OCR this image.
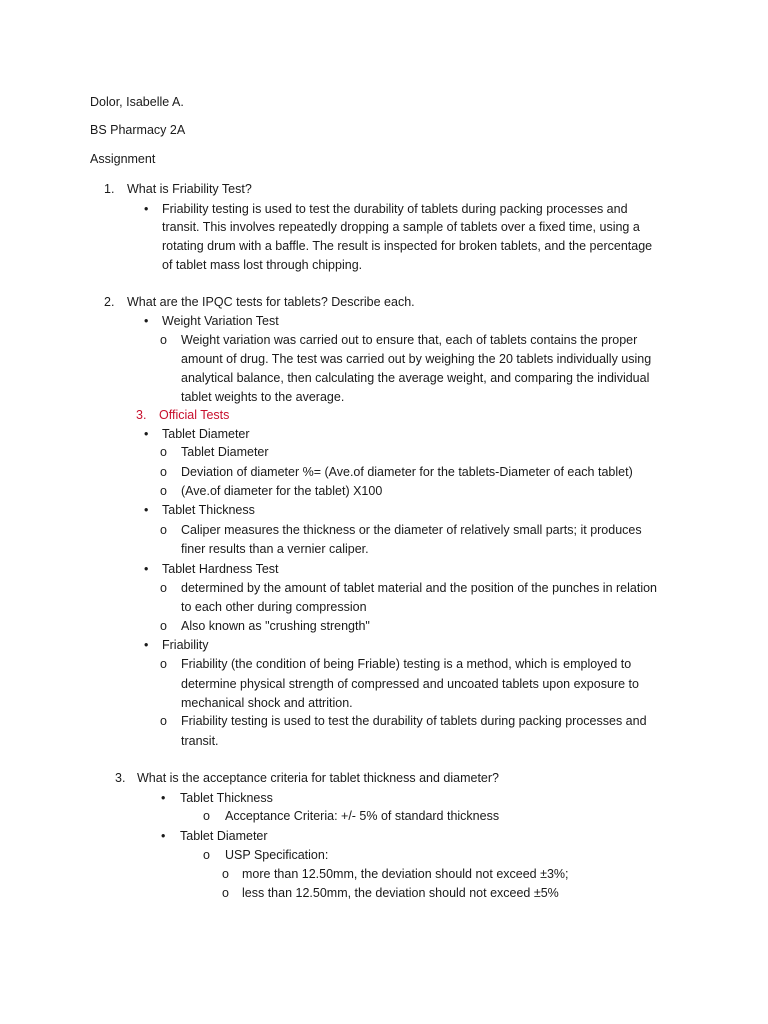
Dolor, Isabelle A.
BS Pharmacy 2A
Assignment
1. What is Friability Test?
• Friability testing is used to test the durability of tablets during packing processes and
transit. This involves repeatedly dropping a sample of tablets over a fixed time, using a
rotating drum with a baffle. The result is inspected for broken tablets, and the percentage
of tablet mass lost through chipping.
2. What are the IPQC tests for tablets? Describe each.
• Weight Variation Test
o Weight variation was carried out to ensure that, each of tablets contains the proper
amount of drug. The test was carried out by weighing the 20 tablets individually using
analytical balance, then calculating the average weight, and comparing the individual
tablet weights to the average.
3. Official Tests
• Tablet Diameter
o Tablet Diameter
o Deviation of diameter %= (Ave.of diameter for the tablets-Diameter of each tablet)
o (Ave.of diameter for the tablet) X100
• Tablet Thickness
o Caliper measures the thickness or the diameter of relatively small parts; it produces
finer results than a vernier caliper.
• Tablet Hardness Test
o determined by the amount of tablet material and the position of the punches in relation
to each other during compression
o Also known as "crushing strength"
• Friability
o Friability (the condition of being Friable) testing is a method, which is employed to
determine physical strength of compressed and uncoated tablets upon exposure to
mechanical shock and attrition.
o Friability testing is used to test the durability of tablets during packing processes and
transit.
3. What is the acceptance criteria for tablet thickness and diameter?
• Tablet Thickness
o Acceptance Criteria: +/- 5% of standard thickness
• Tablet Diameter
o USP Specification:
o more than 12.50mm, the deviation should not exceed ±3%;
o less than 12.50mm, the deviation should not exceed ±5%
